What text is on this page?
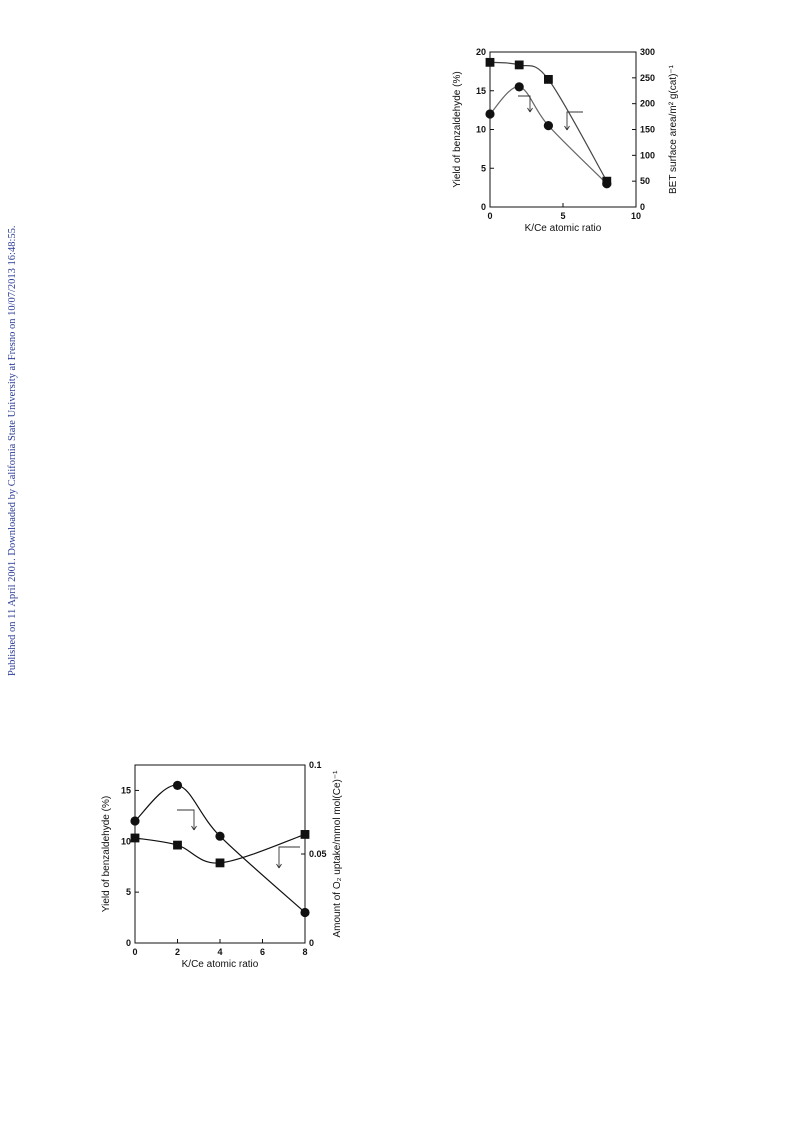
Published on 11 April 2001. Downloaded by California State University at Fresno on 10/07/2013 16:48:55.
0	5	10
0
5
10
15
20
0
50
100
150
200
250
300
K/Ce atomic ratio
Yield of benzaldehyde (%)	BET surface area/m² g(cat)⁻¹
0	2	4	6	8
0
5
10
15
0
0.05
0.1
K/Ce atomic ratio
Yield of benzaldehyde (%)	Amount of O₂ uptake/mmol mol(Ce)⁻¹
